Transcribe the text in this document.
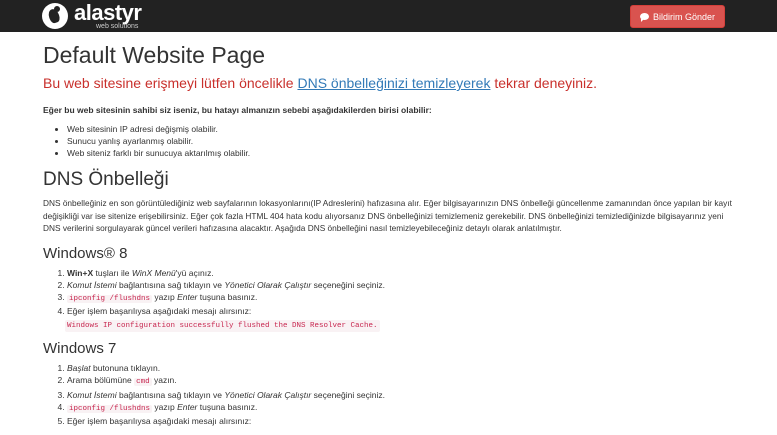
alastyr
web solutions
Bildirim Gönder
Default Website Page

Bu web sitesine erişmeyi lütfen öncelikle DNS önbelleğinizi temizleyerek tekrar deneyiniz.

Eğer bu web sitesinin sahibi siz iseniz, bu hatayı almanızın sebebi aşağıdakilerden birisi olabilir:

• Web sitesinin IP adresi değişmiş olabilir.
• Sunucu yanlış ayarlanmış olabilir.
• Web siteniz farklı bir sunucuya aktarılmış olabilir.
DNS Önbelleği

DNS önbelleğiniz en son görüntülediğiniz web sayfalarının lokasyonlarını(IP Adreslerini) hafızasına alır. Eğer bilgisayarınızın DNS önbelleği güncellenme zamanından önce yapılan bir kayıt değişikliği var ise sitenize erişebilirsiniz. Eğer çok fazla HTML 404 hata kodu alıyorsanız DNS önbelleğinizi temizlemeniz gerekebilir. DNS önbelleğinizi temizlediğinizde bilgisayarınız yeni DNS verilerini sorgulayarak güncel verileri hafızasına alacaktır. Aşağıda DNS önbelleğini nasıl temizleyebileceğiniz detaylı olarak anlatılmıştır.

Windows® 8
1. Win+X tuşları ile WinX Menü'yü açınız.
2. Komut İstemi bağlantısına sağ tıklayın ve Yönetici Olarak Çalıştır seçeneğini seçiniz.
3. ipconfig /flushdns yazıp Enter tuşuna basınız.
4. Eğer işlem başarılıysa aşağıdaki mesajı alırsınız:
Windows IP configuration successfully flushed the DNS Resolver Cache.
Windows 7
1. Başlat butonuna tıklayın.
2. Arama bölümüne cmd yazın.
3. Komut İstemi bağlantısına sağ tıklayın ve Yönetici Olarak Çalıştır seçeneğini seçiniz.
4. ipconfig /flushdns yazıp Enter tuşuna basınız.
5. Eğer işlem başarılıysa aşağıdaki mesajı alırsınız:
